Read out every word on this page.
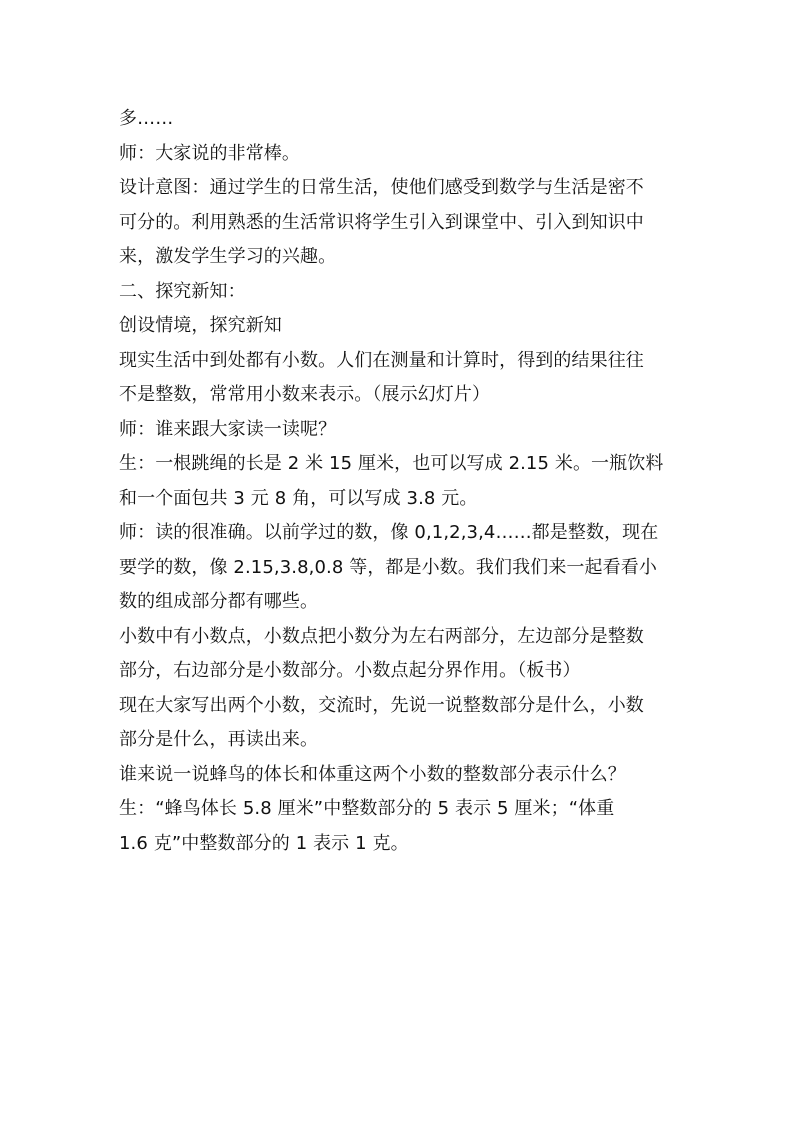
多……
师：大家说的非常棒。
设计意图：通过学生的日常生活，使他们感受到数学与生活是密不
可分的。利用熟悉的生活常识将学生引入到课堂中、引入到知识中
来，激发学生学习的兴趣。
二、探究新知：
创设情境，探究新知
现实生活中到处都有小数。人们在测量和计算时，得到的结果往往
不是整数，常常用小数来表示。（展示幻灯片）
师：谁来跟大家读一读呢？
生：一根跳绳的长是 2 米 15 厘米，也可以写成 2.15 米。一瓶饮料
和一个面包共 3 元 8 角，可以写成 3.8 元。
师：读的很准确。以前学过的数，像 0,1,2,3,4……都是整数，现在
要学的数，像 2.15,3.8,0.8 等，都是小数。我们我们来一起看看小
数的组成部分都有哪些。
小数中有小数点，小数点把小数分为左右两部分，左边部分是整数
部分，右边部分是小数部分。小数点起分界作用。（板书）
现在大家写出两个小数，交流时，先说一说整数部分是什么，小数
部分是什么，再读出来。
谁来说一说蜂鸟的体长和体重这两个小数的整数部分表示什么？
生：“蜂鸟体长 5.8 厘米”中整数部分的 5 表示 5 厘米；“体重
1.6 克”中整数部分的 1 表示 1 克。
